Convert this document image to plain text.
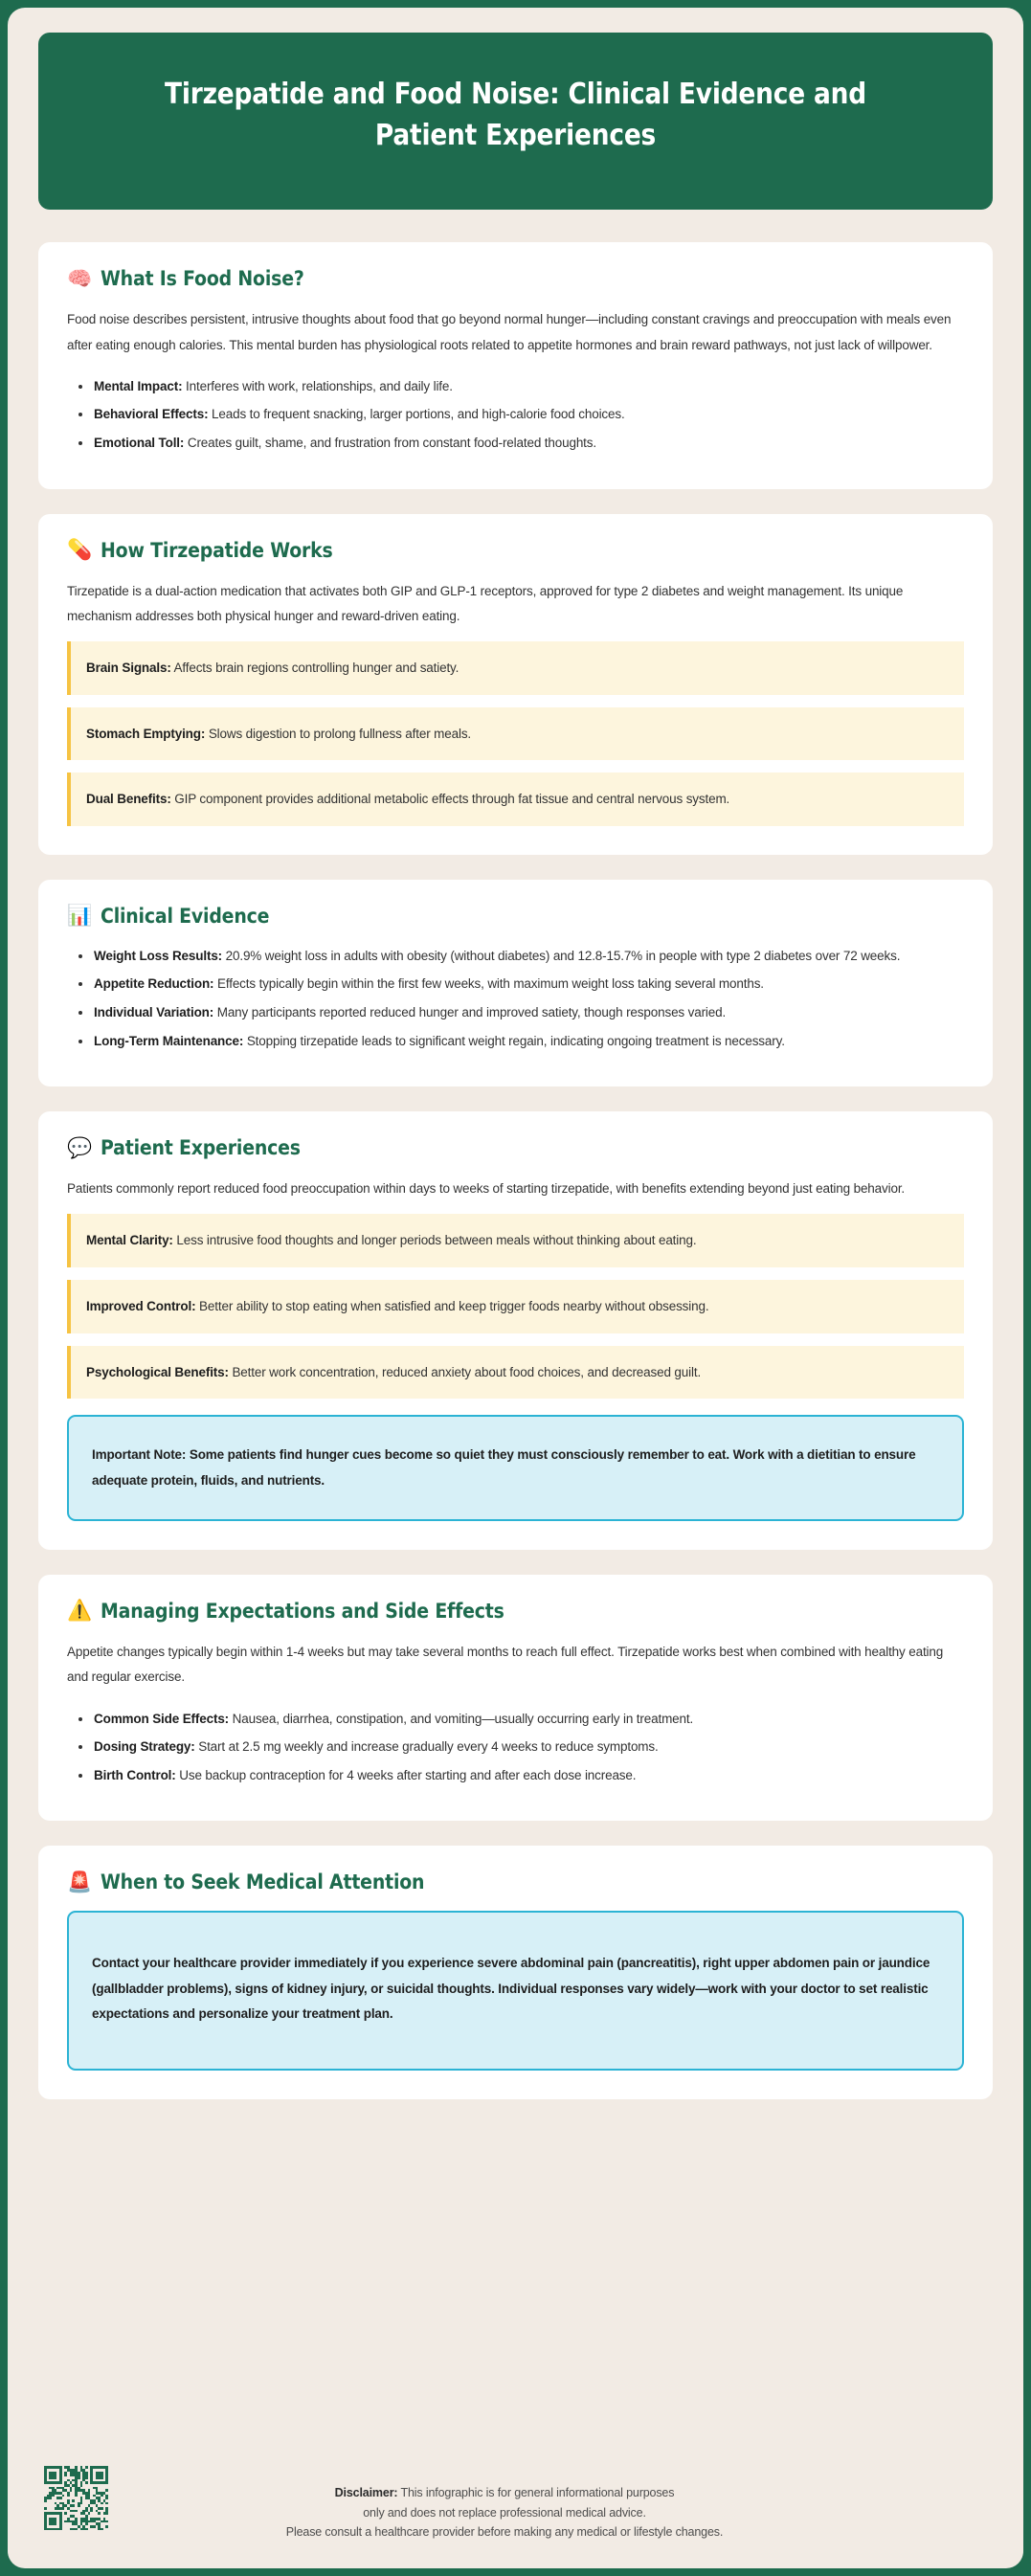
Tirzepatide and Food Noise: Clinical Evidence and Patient Experiences
🧠 What Is Food Noise?
Food noise describes persistent, intrusive thoughts about food that go beyond normal hunger—including constant cravings and preoccupation with meals even after eating enough calories. This mental burden has physiological roots related to appetite hormones and brain reward pathways, not just lack of willpower.
Mental Impact: Interferes with work, relationships, and daily life.
Behavioral Effects: Leads to frequent snacking, larger portions, and high-calorie food choices.
Emotional Toll: Creates guilt, shame, and frustration from constant food-related thoughts.
💊 How Tirzepatide Works
Tirzepatide is a dual-action medication that activates both GIP and GLP-1 receptors, approved for type 2 diabetes and weight management. Its unique mechanism addresses both physical hunger and reward-driven eating.
Brain Signals: Affects brain regions controlling hunger and satiety.
Stomach Emptying: Slows digestion to prolong fullness after meals.
Dual Benefits: GIP component provides additional metabolic effects through fat tissue and central nervous system.
📊 Clinical Evidence
Weight Loss Results: 20.9% weight loss in adults with obesity (without diabetes) and 12.8-15.7% in people with type 2 diabetes over 72 weeks.
Appetite Reduction: Effects typically begin within the first few weeks, with maximum weight loss taking several months.
Individual Variation: Many participants reported reduced hunger and improved satiety, though responses varied.
Long-Term Maintenance: Stopping tirzepatide leads to significant weight regain, indicating ongoing treatment is necessary.
💬 Patient Experiences
Patients commonly report reduced food preoccupation within days to weeks of starting tirzepatide, with benefits extending beyond just eating behavior.
Mental Clarity: Less intrusive food thoughts and longer periods between meals without thinking about eating.
Improved Control: Better ability to stop eating when satisfied and keep trigger foods nearby without obsessing.
Psychological Benefits: Better work concentration, reduced anxiety about food choices, and decreased guilt.
Important Note: Some patients find hunger cues become so quiet they must consciously remember to eat. Work with a dietitian to ensure adequate protein, fluids, and nutrients.
⚠️ Managing Expectations and Side Effects
Appetite changes typically begin within 1-4 weeks but may take several months to reach full effect. Tirzepatide works best when combined with healthy eating and regular exercise.
Common Side Effects: Nausea, diarrhea, constipation, and vomiting—usually occurring early in treatment.
Dosing Strategy: Start at 2.5 mg weekly and increase gradually every 4 weeks to reduce symptoms.
Birth Control: Use backup contraception for 4 weeks after starting and after each dose increase.
🚨 When to Seek Medical Attention
Contact your healthcare provider immediately if you experience severe abdominal pain (pancreatitis), right upper abdomen pain or jaundice (gallbladder problems), signs of kidney injury, or suicidal thoughts. Individual responses vary widely—work with your doctor to set realistic expectations and personalize your treatment plan.
Disclaimer: This infographic is for general informational purposes
only and does not replace professional medical advice.
Please consult a healthcare provider before making any medical or lifestyle changes.
